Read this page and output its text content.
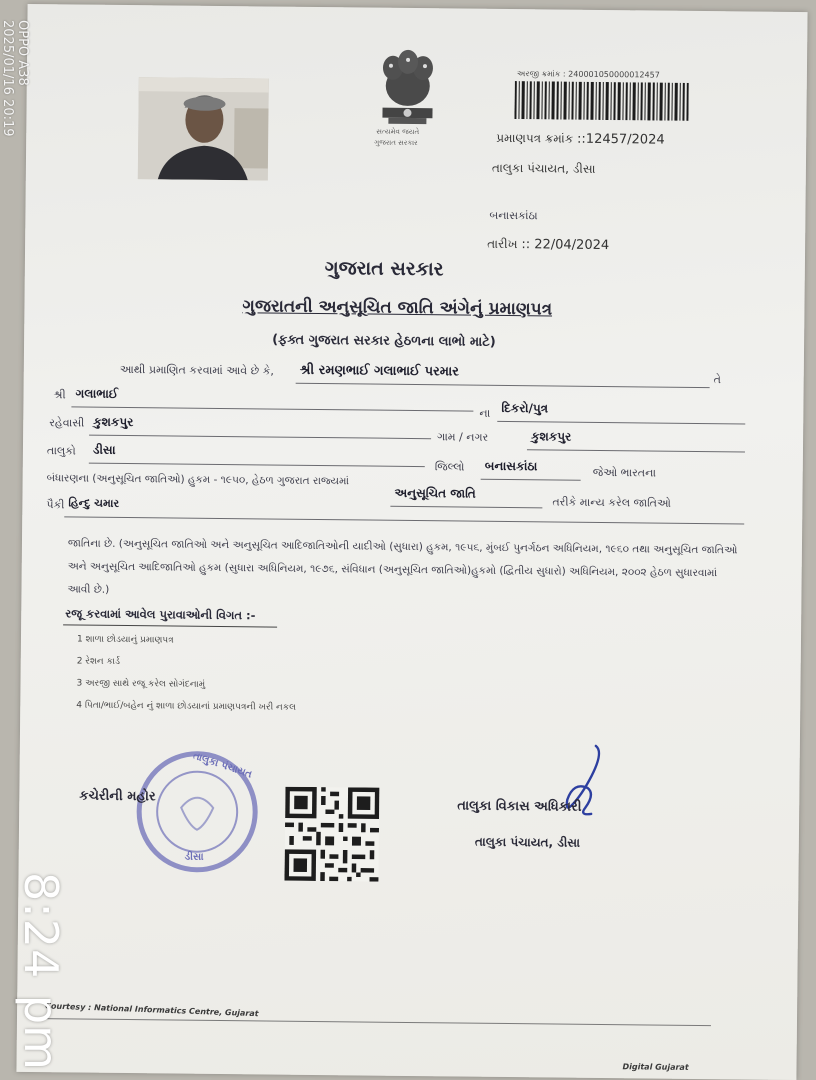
સત્યમેવ જયતે
ગુજરાત સરકાર
અરજી ક્રમાંક : 240001050000012457
પ્રમાણપત્ર ક્રમાંક ::12457/2024
તાલુકા પંચાયત, ડીસા
બનાસકાંઠા
તારીખ :: 22/04/2024
ગુજરાત સરકાર
ગુજરાતની અનુસૂચિત જાતિ અંગેનું પ્રમાણપત્ર
(ફક્ત ગુજરાત સરકાર હેઠળના લાભો માટે)
આથી પ્રમાણિત કરવામાં આવે છે કે, શ્રી રમણભાઈ ગલાભાઈ પરમાર
તે
શ્રી ગલાભાઈ
ના દિકરો/પુત્ર
રહેવાસી કુશકપુર
ગામ / નગર	કુશકપુર
તાલુકો ડીસા
જિલ્લો બનાસકાંઠા	જેઓ ભારતના
બંધારણના (અનુસૂચિત જાતિઓ) હુકમ - ૧૯૫૦, હેઠળ ગુજરાત રાજ્યમાં
અનુસૂચિત જાતિ
તરીકે માન્ય કરેલ જાતિઓ
પૈકી હિન્દુ ચમાર
જાતિના છે. (અનુસૂચિત જાતિઓ અને અનુસૂચિત આદિજાતિઓની યાદીઓ (સુધારા) હુકમ, ૧૯૫૬, મુંબઈ પુનર્ગઠન અધિનિયમ, ૧૯૬૦ તથા અનુસૂચિત જાતિઓ અને અનુસૂચિત આદિજાતિઓ હુકમ (સુધારા અધિનિયમ, ૧૯૭૬, સંવિધાન (અનુસૂચિત જાતિઓ)હુકમો (દ્વિતીય સુધારો) અધિનિયમ, ૨૦૦૨ હેઠળ સુધારવામાં આવી છે.)
રજૂ કરવામાં આવેલ પુરાવાઓની વિગત :-
1 શાળા છોડયાનું પ્રમાણપત્ર
2 રેશન કાર્ડ
3 અરજી સાથે રજૂ કરેલ સોગંદનામું
4 પિતા/ભાઈ/બહેન નું શાળા છોડયાનાં પ્રમાણપત્રની ખરી નકલ
તાલુકા પંચાયત
ડીસા
કચેરીની મહોર
તાલુકા વિકાસ અધિકારી
તાલુકા પંચાયત, ડીસા
Courtesy : National Informatics Centre, Gujarat
Digital Gujarat
OPPO A38
2025/01/16 20:19
8:24 pm
